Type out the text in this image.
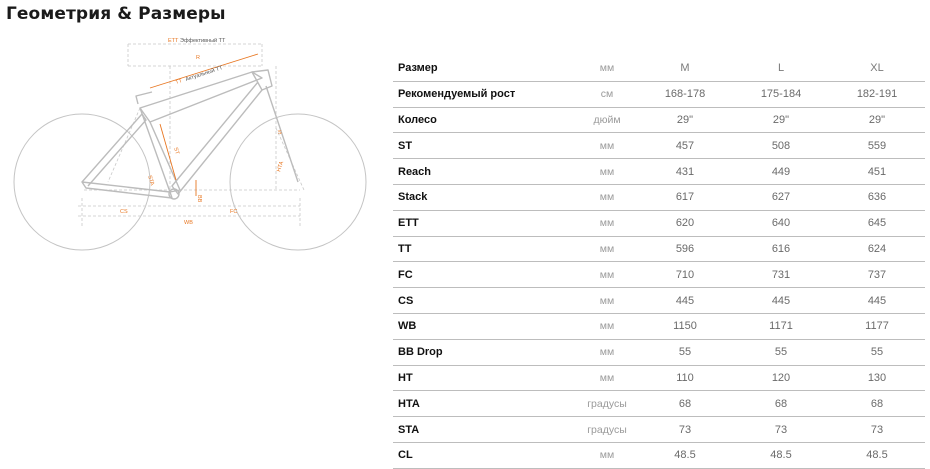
Геометрия & Размеры
ETT Эффективный TT
R
TT Актуальный TT
S
ST
STA
HTA
BB
CS	FC
WB
Размер	мм	M	L	XL
Рекомендуемый рост	см	168-178	175-184	182-191
Колесо	дюйм	29"	29"	29"
ST	мм	457	508	559
Reach	мм	431	449	451
Stack	мм	617	627	636
ETT	мм	620	640	645
TT	мм	596	616	624
FC	мм	710	731	737
CS	мм	445	445	445
WB	мм	1150	1171	1177
BB Drop	мм	55	55	55
HT	мм	110	120	130
HTA	градусы	68	68	68
STA	градусы	73	73	73
CL	мм	48.5	48.5	48.5
